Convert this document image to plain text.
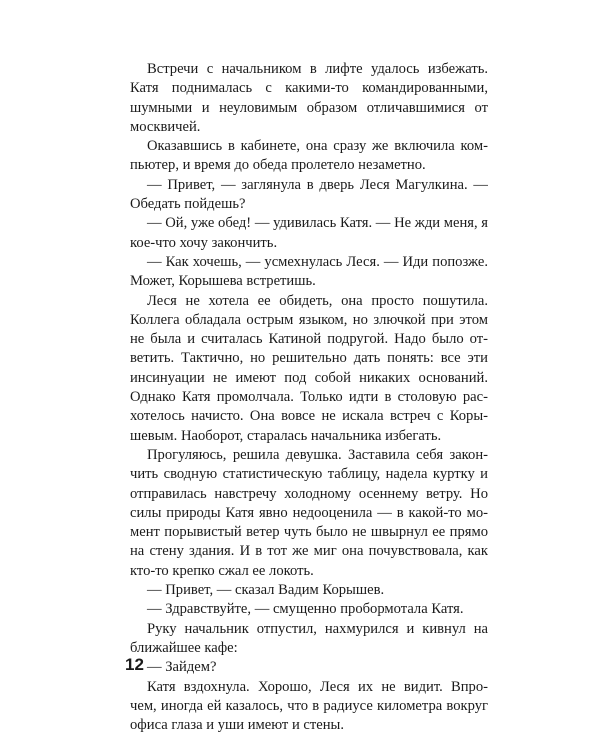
Встречи с начальником в лифте удалось избежать.
Катя поднималась с какими-то командированными,
шумными и неуловимым образом отличавшимися от
москвичей.
Оказавшись в кабинете, она сразу же включила ком-
пьютер, и время до обеда пролетело незаметно.
— Привет, — заглянула в дверь Леся Магулкина. —
Обедать пойдешь?
— Ой, уже обед! — удивилась Катя. — Не жди меня, я
кое-что хочу закончить.
— Как хочешь, — усмехнулась Леся. — Иди попозже.
Может, Корышева встретишь.
Леся не хотела ее обидеть, она просто пошутила.
Коллега обладала острым языком, но злючкой при этом
не была и считалась Катиной подругой. Надо было от-
ветить. Тактично, но решительно дать понять: все эти
инсинуации не имеют под собой никаких оснований.
Однако Катя промолчала. Только идти в столовую рас-
хотелось начисто. Она вовсе не искала встреч с Коры-
шевым. Наоборот, старалась начальника избегать.
Прогуляюсь, решила девушка. Заставила себя закон-
чить сводную статистическую таблицу, надела куртку и
отправилась навстречу холодному осеннему ветру. Но
силы природы Катя явно недооценила — в какой-то мо-
мент порывистый ветер чуть было не швырнул ее прямо
на стену здания. И в тот же миг она почувствовала, как
кто-то крепко сжал ее локоть.
— Привет, — сказал Вадим Корышев.
— Здравствуйте, — смущенно пробормотала Катя.
Руку начальник отпустил, нахмурился и кивнул на
ближайшее кафе:
— Зайдем?
Катя вздохнула. Хорошо, Леся их не видит. Впро-
чем, иногда ей казалось, что в радиусе километра вокруг
офиса глаза и уши имеют и стены.
12
